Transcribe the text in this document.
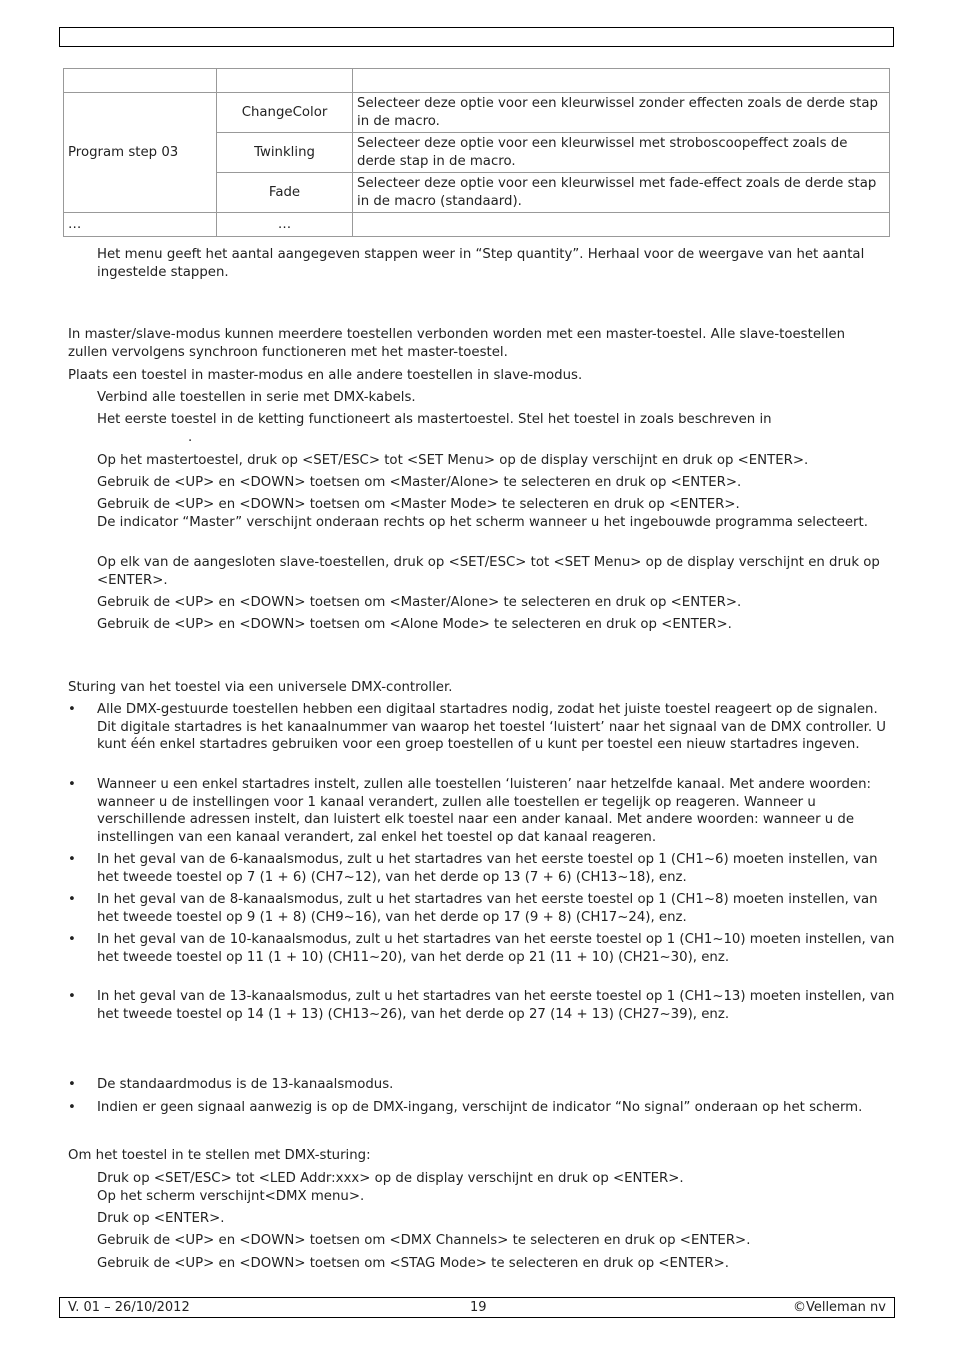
Program step 03	ChangeColor	Selecteer deze optie voor een kleurwissel zonder effecten zoals de derde stap in de macro.
	Twinkling	Selecteer deze optie voor een kleurwissel met stroboscoopeffect zoals de derde stap in de macro.
	Fade	Selecteer deze optie voor een kleurwissel met fade-effect zoals de derde stap in de macro (standaard).
…	…	

Het menu geeft het aantal aangegeven stappen weer in “Step quantity”. Herhaal voor de weergave van het aantal ingestelde stappen.

In master/slave-modus kunnen meerdere toestellen verbonden worden met een master-toestel. Alle slave-toestellen zullen vervolgens synchroon functioneren met het master-toestel.

Plaats een toestel in master-modus en alle andere toestellen in slave-modus.

Verbind alle toestellen in serie met DMX-kabels.

Het eerste toestel in de ketting functioneert als mastertoestel. Stel het toestel in zoals beschreven in

.

Op het mastertoestel, druk op <SET/ESC> tot <SET Menu> op de display verschijnt en druk op <ENTER>.

Gebruik de <UP> en <DOWN> toetsen om <Master/Alone> te selecteren en druk op <ENTER>.

Gebruik de <UP> en <DOWN> toetsen om <Master Mode> te selecteren en druk op <ENTER>.

De indicator “Master” verschijnt onderaan rechts op het scherm wanneer u het ingebouwde programma selecteert.

Op elk van de aangesloten slave-toestellen, druk op <SET/ESC> tot <SET Menu> op de display verschijnt en druk op <ENTER>.

Gebruik de <UP> en <DOWN> toetsen om <Master/Alone> te selecteren en druk op <ENTER>.

Gebruik de <UP> en <DOWN> toetsen om <Alone Mode> te selecteren en druk op <ENTER>.

Sturing van het toestel via een universele DMX-controller.

• Alle DMX-gestuurde toestellen hebben een digitaal startadres nodig, zodat het juiste toestel reageert op de signalen. Dit digitale startadres is het kanaalnummer van waarop het toestel ‘luistert’ naar het signaal van de DMX controller. U kunt één enkel startadres gebruiken voor een groep toestellen of u kunt per toestel een nieuw startadres ingeven.

• Wanneer u een enkel startadres instelt, zullen alle toestellen ‘luisteren’ naar hetzelfde kanaal. Met andere woorden: wanneer u de instellingen voor 1 kanaal verandert, zullen alle toestellen er tegelijk op reageren. Wanneer u verschillende adressen instelt, dan luistert elk toestel naar een ander kanaal. Met andere woorden: wanneer u de instellingen van een kanaal verandert, zal enkel het toestel op dat kanaal reageren.

• In het geval van de 6-kanaalsmodus, zult u het startadres van het eerste toestel op 1 (CH1~6) moeten instellen, van het tweede toestel op 7 (1 + 6) (CH7~12), van het derde op 13 (7 + 6) (CH13~18), enz.

• In het geval van de 8-kanaalsmodus, zult u het startadres van het eerste toestel op 1 (CH1~8) moeten instellen, van het tweede toestel op 9 (1 + 8) (CH9~16), van het derde op 17 (9 + 8) (CH17~24), enz.

• In het geval van de 10-kanaalsmodus, zult u het startadres van het eerste toestel op 1 (CH1~10) moeten instellen, van het tweede toestel op 11 (1 + 10) (CH11~20), van het derde op 21 (11 + 10) (CH21~30), enz.

• In het geval van de 13-kanaalsmodus, zult u het startadres van het eerste toestel op 1 (CH1~13) moeten instellen, van het tweede toestel op 14 (1 + 13) (CH13~26), van het derde op 27 (14 + 13) (CH27~39), enz.

• De standaardmodus is de 13-kanaalsmodus.

• Indien er geen signaal aanwezig is op de DMX-ingang, verschijnt de indicator “No signal” onderaan op het scherm.

Om het toestel in te stellen met DMX-sturing:

Druk op <SET/ESC> tot <LED Addr:xxx> op de display verschijnt en druk op <ENTER>.

Op het scherm verschijnt<DMX menu>.

Druk op <ENTER>.

Gebruik de <UP> en <DOWN> toetsen om <DMX Channels> te selecteren en druk op <ENTER>.

Gebruik de <UP> en <DOWN> toetsen om <STAG Mode> te selecteren en druk op <ENTER>.

V. 01 – 26/10/2012	19	©Velleman nv
